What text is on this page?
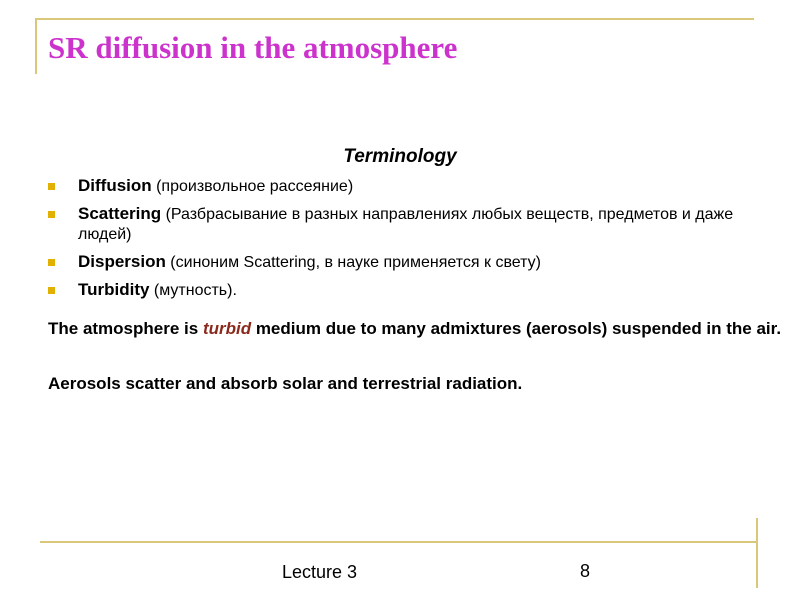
SR diffusion in the atmosphere
Terminology
Diffusion (произвольное рассеяние)
Scattering (Разбрасывание в разных направлениях любых веществ, предметов и даже людей)
Dispersion (синоним Scattering, в науке применяется к свету)
Turbidity (мутность).

The atmosphere is turbid medium due to many admixtures (aerosols) suspended in the air.

Aerosols scatter and absorb solar and terrestrial radiation.

Lecture 3	8
